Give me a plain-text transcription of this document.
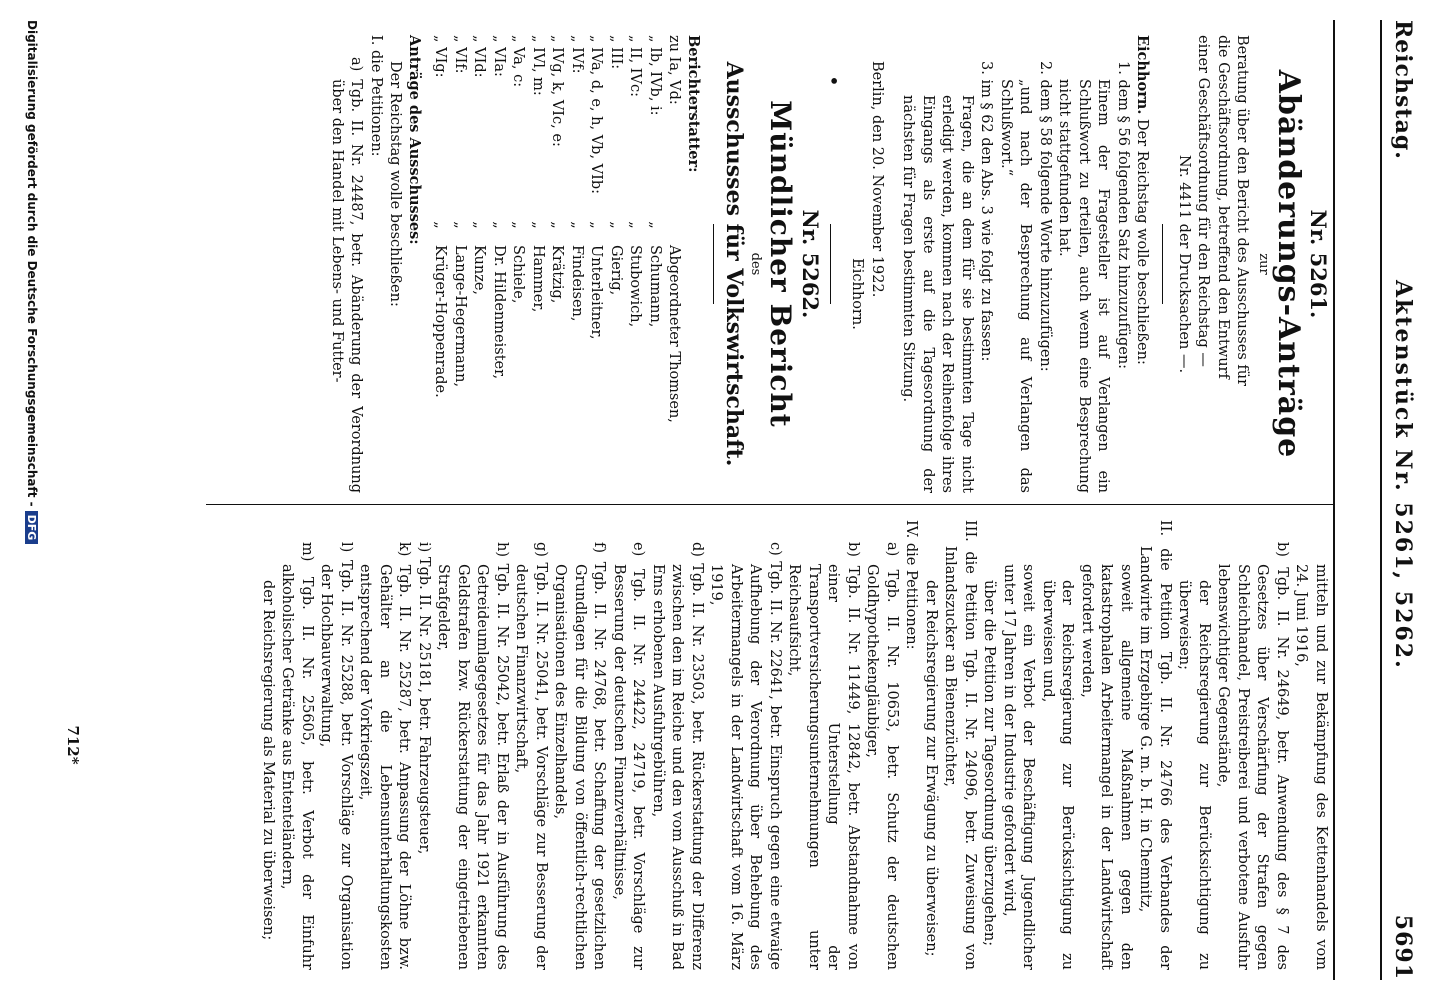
Reichstag.
Aktenstück Nr. 5261, 5262.
5691
Nr. 5261.
Abänderungs-Anträge
zur

Beratung über den Bericht des Ausschusses für

die Geschäftsordnung, betreffend den Entwurf

einer Geschäftsordnung für den Reichstag —

Nr. 4411 der Drucksachen —.

Eichhorn. Der Reichstag wolle beschließen:

1. dem § 56 folgenden Satz hinzuzufügen:

Einem der Fragesteller ist auf Verlangen ein Schlußwort zu erteilen, auch wenn eine Besprechung nicht stattgefunden hat.

2. dem § 58 folgende Worte hinzuzufügen:

„und nach der Besprechung auf Verlangen das Schlußwort.“

3. im § 62 den Abs. 3 wie folgt zu fassen:

Fragen, die an dem für sie bestimmten Tage nicht erledigt werden, kommen nach der Reihenfolge ihres Eingangs als erste auf die Tagesordnung der nächsten für Fragen bestimmten Sitzung.

Berlin, den 20. November 1922.

Eichhorn.

•
Nr. 5262.
Mündlicher Bericht
des
Ausschusses für Volkswirtschaft.

Berichterstatter:

zu Ia, Vd:		Abgeordneter Thomsen,
„ Ib, IVb, i:	„	Schumann,
„ II, IVc:	„	Stubowich,
„ III:	„	Gierig,
„ IVa, d, e, h, Vb, VIb:	„	Unterleitner,
„ IVf:	„	Findeisen,
„ IVg, k, VIc, e:	„	Krätzig,
„ IVl, m:	„	Hammer,
„ Va, c:	„	Schiele,
„ VIa:	„	Dr. Hildenmeister,
„ VId:	„	Kunze,
„ VIf:	„	Lange-Hegermann,
„ VIg:	„	Krüger-Hoppenrade.

Anträge des Ausschusses:

Der Reichstag wolle beschließen:

I. die Petitionen:

a) Tgb. II. Nr. 24487, betr. Abänderung der Verordnung über den Handel mit Lebens- und Futter-

mitteln und zur Bekämpfung des Kettenhandels vom 24. Juni 1916,

b) Tgb. II. Nr. 24649, betr. Anwendung des § 7 des Gesetzes über Verschärfung der Strafen gegen Schleichhandel, Preistreiberei und verbotene Ausfuhr lebenswichtiger Gegenstände,

der Reichsregierung zur Berücksichtigung zu überweisen;

II. die Petition Tgb. II. Nr. 24766 des Verbandes der Landwirte im Erzgebirge G. m. b. H. in Chemnitz,

soweit allgemeine Maßnahmen gegen den katastrophalen Arbeitermangel in der Landwirtschaft gefordert werden,

der Reichsregierung zur Berücksichtigung zu überweisen und,

soweit ein Verbot der Beschäftigung Jugendlicher unter 17 Jahren in der Industrie gefordert wird,

über die Petition zur Tagesordnung überzugehen;

III. die Petition Tgb. II. Nr. 24096, betr. Zuweisung von Inlandszucker an Bienenzüchter,

der Reichsregierung zur Erwägung zu überweisen;

IV. die Petitionen:

a) Tgb. II. Nr. 10653, betr. Schutz der deutschen Goldhypothekengläubiger,

b) Tgb. II. Nr. 11449, 12842, betr. Abstandnahme von einer Unterstellung der Transportversicherungsunternehmungen unter Reichsaufsicht,

c) Tgb. II. Nr. 22641, betr. Einspruch gegen eine etwaige Aufhebung der Verordnung über Behebung des Arbeitermangels in der Landwirtschaft vom 16. März 1919,

d) Tgb. II. Nr. 23503, betr. Rückerstattung der Differenz zwischen den im Reiche und den vom Ausschuß in Bad Ems erhobenen Ausfuhrgebühren,

e) Tgb. II. Nr. 24422, 24719, betr. Vorschläge zur Besserung der deutschen Finanzverhältnisse,

f) Tgb. II. Nr. 24768, betr. Schaffung der gesetzlichen Grundlagen für die Bildung von öffentlich-rechtlichen Organisationen des Einzelhandels,

g) Tgb. II. Nr. 25041, betr. Vorschläge zur Besserung der deutschen Finanzwirtschaft,

h) Tgb. II. Nr. 25042, betr. Erlaß der in Ausführung des Getreideumlagegesetzes für das Jahr 1921 erkannten Geldstrafen bzw. Rückerstattung der eingetriebenen Strafgelder,

i) Tgb. II. Nr. 25181, betr. Fahrzeugsteuer,

k) Tgb. II. Nr. 25287, betr. Anpassung der Löhne bzw. Gehälter an die Lebensunterhaltungskosten entsprechend der Vorkriegszeit,

l) Tgb. II. Nr. 25288, betr. Vorschläge zur Organisation der Hochbauverwaltung,

m) Tgb. II. Nr. 25605, betr. Verbot der Einfuhr alkoholischer Getränke aus Ententeländern,

der Reichsregierung als Material zu überweisen;

712*
Digitalisierung gefördert durch die Deutsche Forschungsgemeinschaft -DFG
